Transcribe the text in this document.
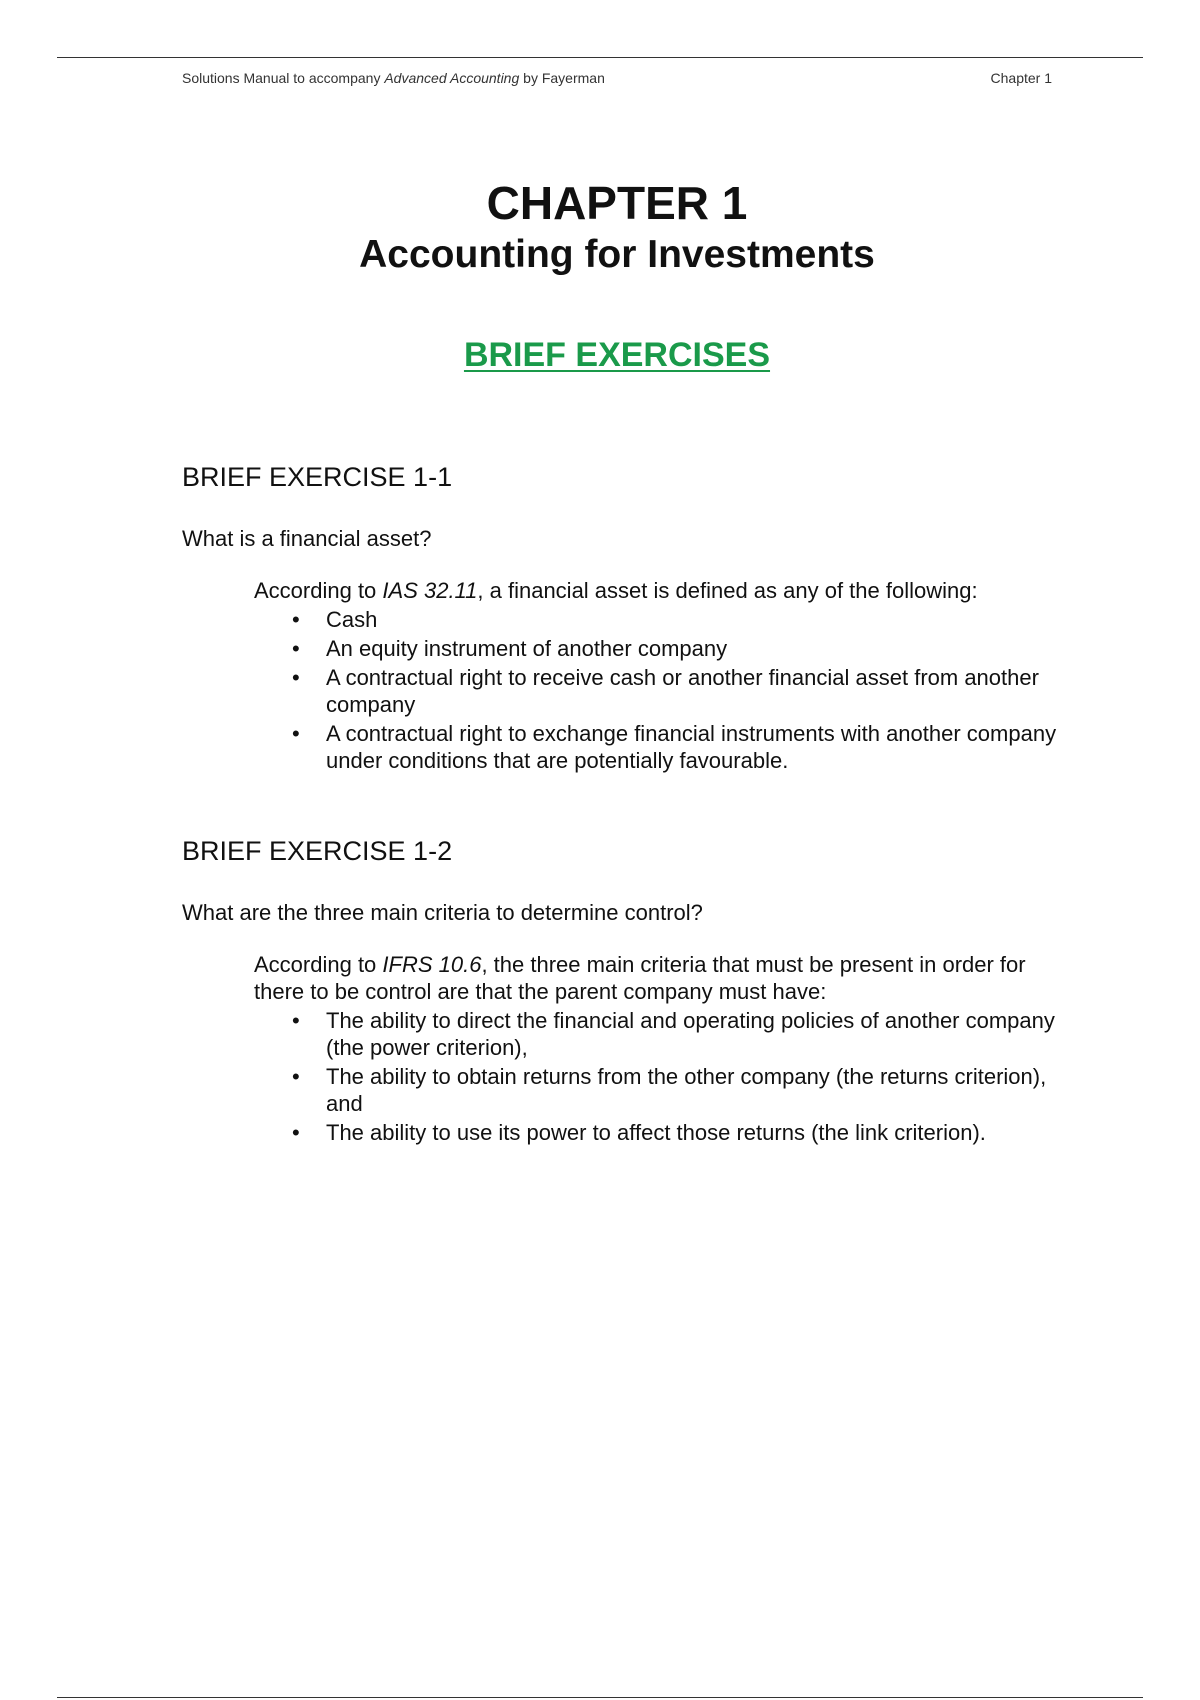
Solutions Manual to accompany Advanced Accounting by Fayerman	Chapter 1
CHAPTER 1
Accounting for Investments
BRIEF EXERCISES
BRIEF EXERCISE 1-1

What is a financial asset?

According to IAS 32.11, a financial asset is defined as any of the following:

• Cash
• An equity instrument of another company
• A contractual right to receive cash or another financial asset from another company
• A contractual right to exchange financial instruments with another company under conditions that are potentially favourable.
BRIEF EXERCISE 1-2

What are the three main criteria to determine control?

According to IFRS 10.6, the three main criteria that must be present in order for there to be control are that the parent company must have:

• The ability to direct the financial and operating policies of another company (the power criterion),
• The ability to obtain returns from the other company (the returns criterion), and
• The ability to use its power to affect those returns (the link criterion).
